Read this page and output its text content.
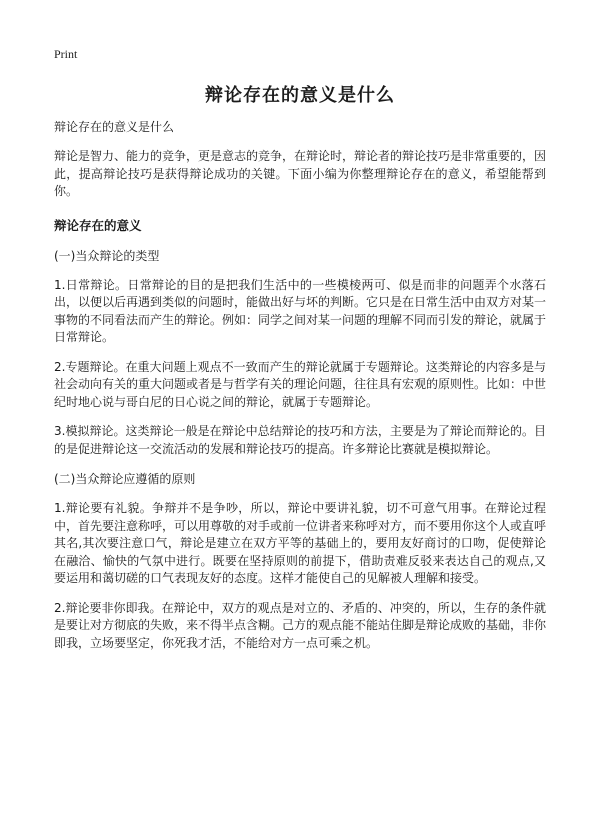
Print
辩论存在的意义是什么
辩论存在的意义是什么

辩论是智力、能力的竞争，更是意志的竞争，在辩论时，辩论者的辩论技巧是非常重要的，因此，提高辩论技巧是获得辩论成功的关键。下面小编为你整理辩论存在的意义，希望能帮到你。

辩论存在的意义
(一)当众辩论的类型

1.日常辩论。日常辩论的目的是把我们生活中的一些模棱两可、似是而非的问题弄个水落石出，以便以后再遇到类似的问题时，能做出好与坏的判断。它只是在日常生活中由双方对某一事物的不同看法而产生的辩论。例如：同学之间对某一问题的理解不同而引发的辩论，就属于日常辩论。

2.专题辩论。在重大问题上观点不一致而产生的辩论就属于专题辩论。这类辩论的内容多是与社会动向有关的重大问题或者是与哲学有关的理论问题，往往具有宏观的原则性。比如：中世纪时地心说与哥白尼的日心说之间的辩论，就属于专题辩论。

3.模拟辩论。这类辩论一般是在辩论中总结辩论的技巧和方法，主要是为了辩论而辩论的。目的是促进辩论这一交流活动的发展和辩论技巧的提高。许多辩论比赛就是模拟辩论。

(二)当众辩论应遵循的原则

1.辩论要有礼貌。争辩并不是争吵，所以，辩论中要讲礼貌，切不可意气用事。在辩论过程中，首先要注意称呼，可以用尊敬的对手或前一位讲者来称呼对方，而不要用你这个人或直呼其名,其次要注意口气，辩论是建立在双方平等的基础上的，要用友好商讨的口吻，促使辩论在融洽、愉快的气氛中进行。既要在坚持原则的前提下，借助责难反驳来表达自己的观点,又要运用和蔼切磋的口气表现友好的态度。这样才能使自己的见解被人理解和接受。

2.辩论要非你即我。在辩论中，双方的观点是对立的、矛盾的、冲突的，所以，生存的条件就是要让对方彻底的失败，来不得半点含糊。己方的观点能不能站住脚是辩论成败的基础，非你即我，立场要坚定，你死我才活，不能给对方一点可乘之机。
